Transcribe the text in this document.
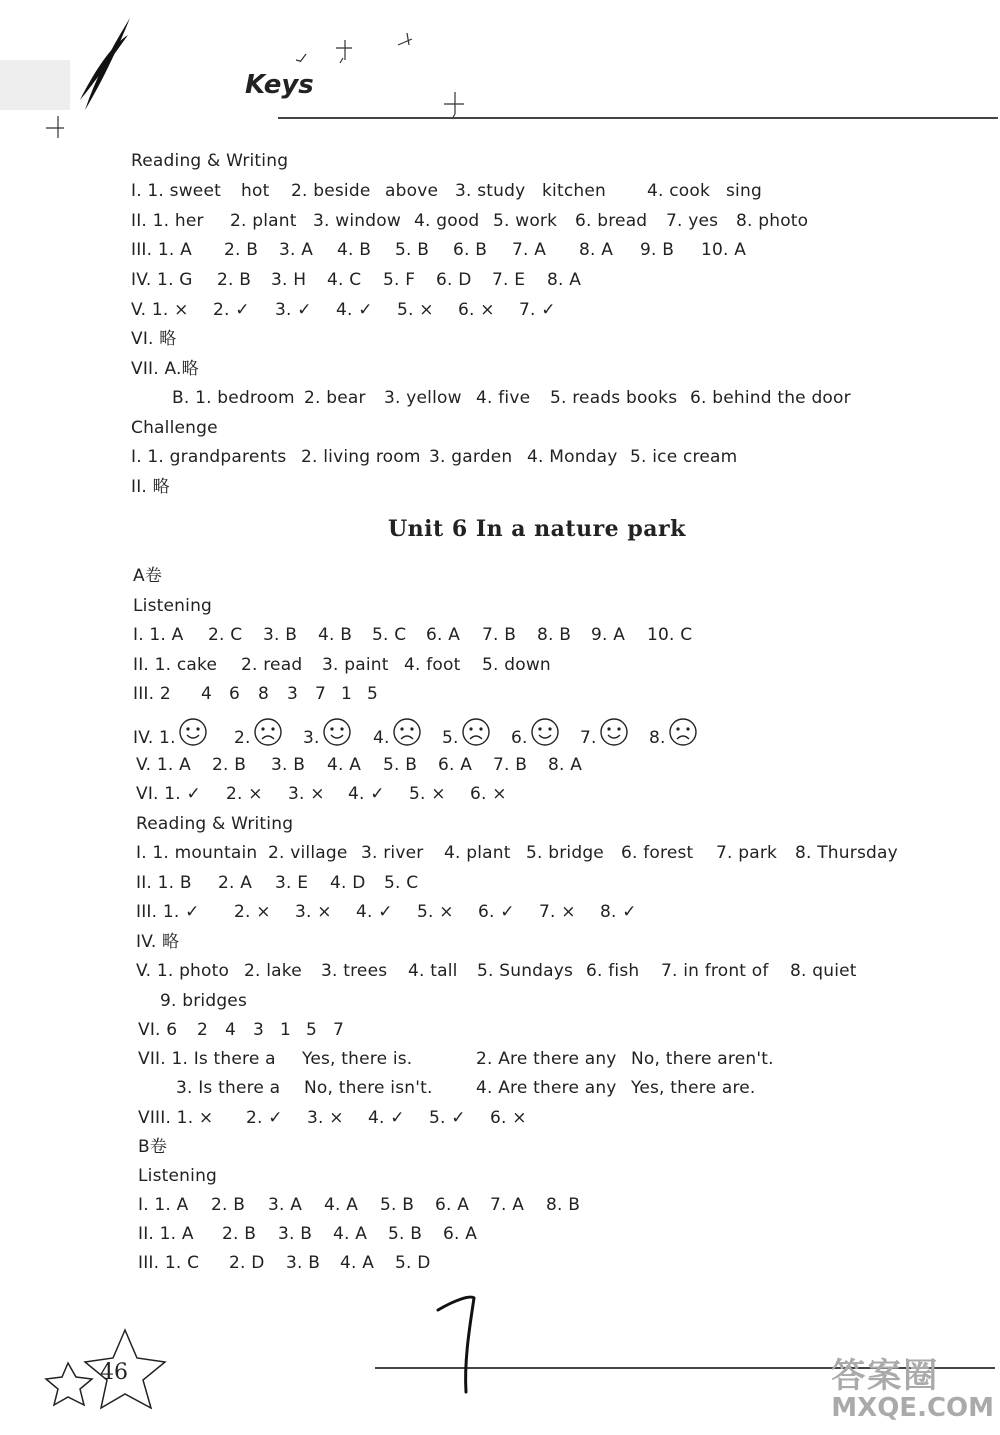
Keys
Reading & Writing

I. 1. sweet hot 2. beside above 3. study kitchen 4. cook sing

II. 1. her 2. plant 3. window 4. good 5. work 6. bread 7. yes 8. photo

III. 1. A 2. B 3. A 4. B 5. B 6. B 7. A 8. A 9. B 10. A

IV. 1. G 2. B 3. H 4. C 5. F 6. D 7. E 8. A

V. 1. × 2. ✓ 3. ✓ 4. ✓ 5. × 6. × 7. ✓

VI. 略
VII. A.略

B. 1. bedroom 2. bear 3. yellow 4. five 5. reads books 6. behind the door

Challenge

I. 1. grandparents 2. living room 3. garden 4. Monday 5. ice cream

II. 略
Unit 6 In a nature park
A卷
Listening

I. 1. A 2. C 3. B 4. B 5. C 6. A 7. B 8. B 9. A 10. C

II. 1. cake 2. read 3. paint 4. foot 5. down

III. 2 4 6 8 3 7 1 5

IV. 1.	2.	3.	4.	5.	6.	7.	8.

V. 1. A 2. B 3. B 4. A 5. B 6. A 7. B 8. A

VI. 1. ✓ 2. × 3. × 4. ✓ 5. × 6. ×

Reading & Writing

I. 1. mountain 2. village 3. river 4. plant 5. bridge 6. forest 7. park 8. Thursday

II. 1. B 2. A 3. E 4. D 5. C

III. 1. ✓ 2. × 3. × 4. ✓ 5. × 6. ✓ 7. × 8. ✓

IV. 略

V. 1. photo 2. lake 3. trees 4. tall 5. Sundays 6. fish 7. in front of 8. quiet

9. bridges

VI. 6 2 4 3 1 5 7

VII. 1. Is there a Yes, there is.	2. Are there any No, there aren't.

3. Is there a No, there isn't.	4. Are there any Yes, there are.

VIII. 1. × 2. ✓ 3. × 4. ✓ 5. ✓ 6. ×

B卷
Listening

I. 1. A 2. B 3. A 4. A 5. B 6. A 7. A 8. B

II. 1. A 2. B 3. B 4. A 5. B 6. A

III. 1. C 2. D 3. B 4. A 5. D

46	答案圈
MXQE.COM
